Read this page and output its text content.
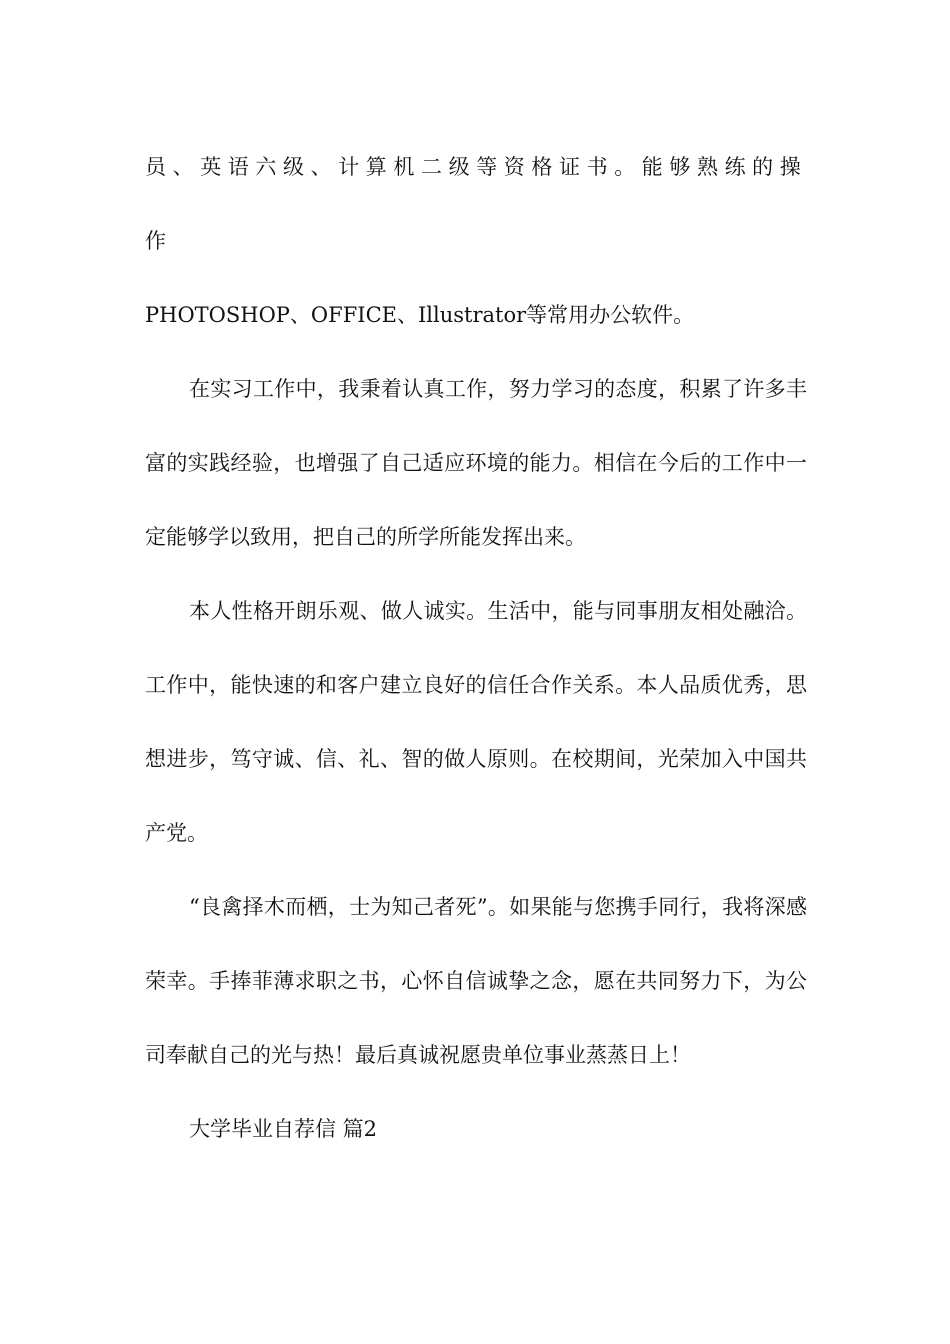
员、英语六级、计算机二级等资格证书。能够熟练的操作
PHOTOSHOP、OFFICE、Illustrator等常用办公软件。

在实习工作中，我秉着认真工作，努力学习的态度，积累了许多丰富的实践经验，也增强了自己适应环境的能力。相信在今后的工作中一定能够学以致用，把自己的所学所能发挥出来。

本人性格开朗乐观、做人诚实。生活中，能与同事朋友相处融洽。工作中，能快速的和客户建立良好的信任合作关系。本人品质优秀，思想进步，笃守诚、信、礼、智的做人原则。在校期间，光荣加入中国共产党。

“良禽择木而栖，士为知己者死”。如果能与您携手同行，我将深感荣幸。手捧菲薄求职之书，心怀自信诚挚之念，愿在共同努力下，为公司奉献自己的光与热！最后真诚祝愿贵单位事业蒸蒸日上！

大学毕业自荐信 篇2
